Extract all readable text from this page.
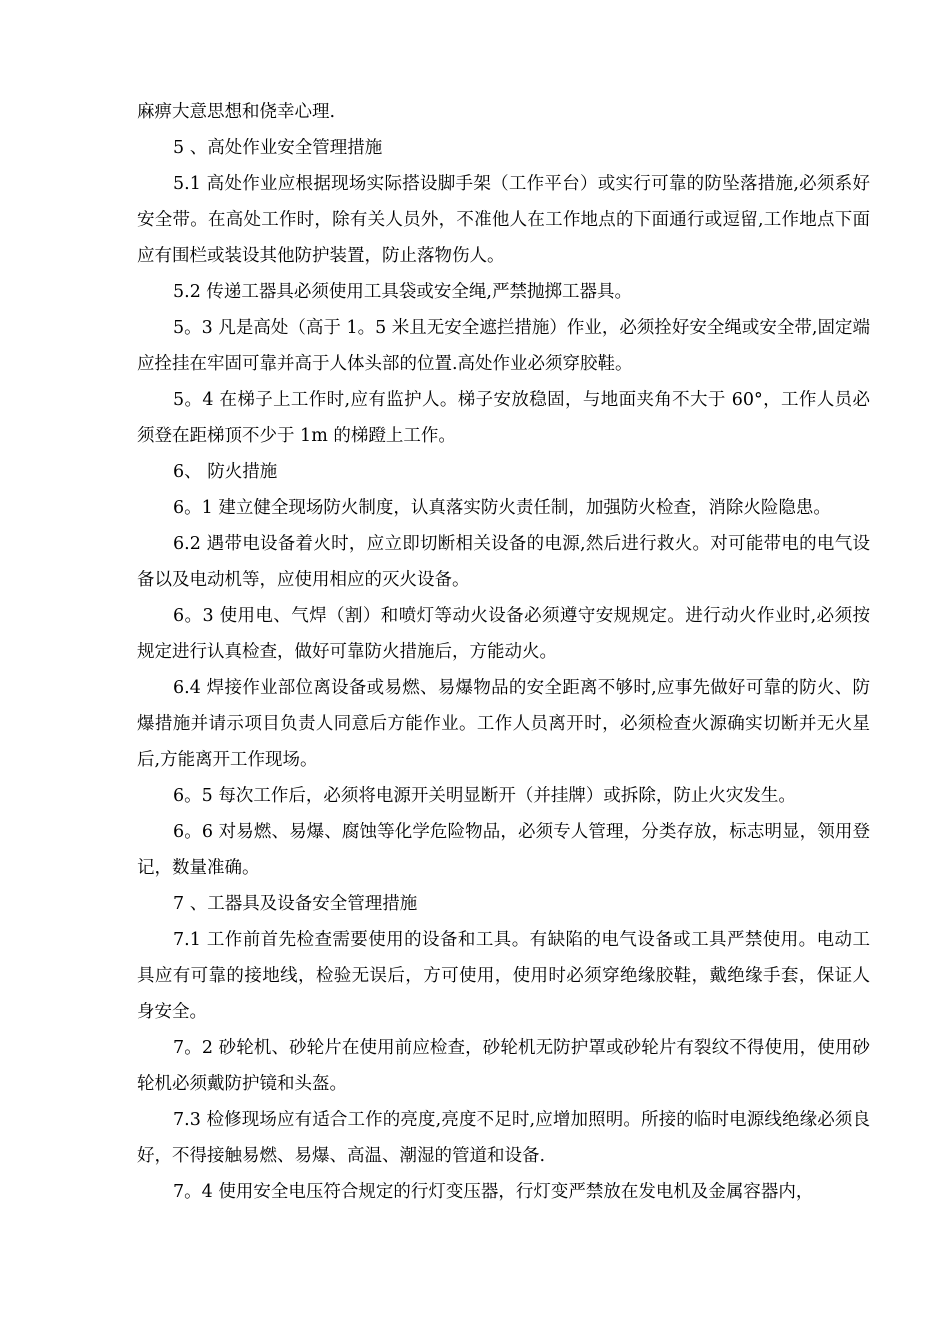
麻痹大意思想和侥幸心理.

5 、高处作业安全管理措施

5.1 高处作业应根据现场实际搭设脚手架（工作平台）或实行可靠的防坠落措施,必须系好安全带。在高处工作时，除有关人员外，不准他人在工作地点的下面通行或逗留,工作地点下面应有围栏或装设其他防护装置，防止落物伤人。

5.2 传递工器具必须使用工具袋或安全绳,严禁抛掷工器具。

5。3 凡是高处（高于 1。5 米且无安全遮拦措施）作业，必须拴好安全绳或安全带,固定端应拴挂在牢固可靠并高于人体头部的位置.高处作业必须穿胶鞋。

5。4 在梯子上工作时,应有监护人。梯子安放稳固，与地面夹角不大于 60°，工作人员必须登在距梯顶不少于 1m 的梯蹬上工作。

6、 防火措施

6。1 建立健全现场防火制度，认真落实防火责任制，加强防火检查，消除火险隐患。

6.2 遇带电设备着火时，应立即切断相关设备的电源,然后进行救火。对可能带电的电气设备以及电动机等，应使用相应的灭火设备。

6。3 使用电、气焊（割）和喷灯等动火设备必须遵守安规规定。进行动火作业时,必须按规定进行认真检查，做好可靠防火措施后，方能动火。

6.4 焊接作业部位离设备或易燃、易爆物品的安全距离不够时,应事先做好可靠的防火、防爆措施并请示项目负责人同意后方能作业。工作人员离开时，必须检查火源确实切断并无火星后,方能离开工作现场。

6。5 每次工作后，必须将电源开关明显断开（并挂牌）或拆除，防止火灾发生。

6。6 对易燃、易爆、腐蚀等化学危险物品，必须专人管理，分类存放，标志明显，领用登记，数量准确。

7 、工器具及设备安全管理措施

7.1 工作前首先检查需要使用的设备和工具。有缺陷的电气设备或工具严禁使用。电动工具应有可靠的接地线，检验无误后，方可使用，使用时必须穿绝缘胶鞋，戴绝缘手套，保证人身安全。

7。2 砂轮机、砂轮片在使用前应检查，砂轮机无防护罩或砂轮片有裂纹不得使用，使用砂轮机必须戴防护镜和头盔。

7.3 检修现场应有适合工作的亮度,亮度不足时,应增加照明。所接的临时电源线绝缘必须良好，不得接触易燃、易爆、高温、潮湿的管道和设备.

7。4 使用安全电压符合规定的行灯变压器，行灯变严禁放在发电机及金属容器内，
